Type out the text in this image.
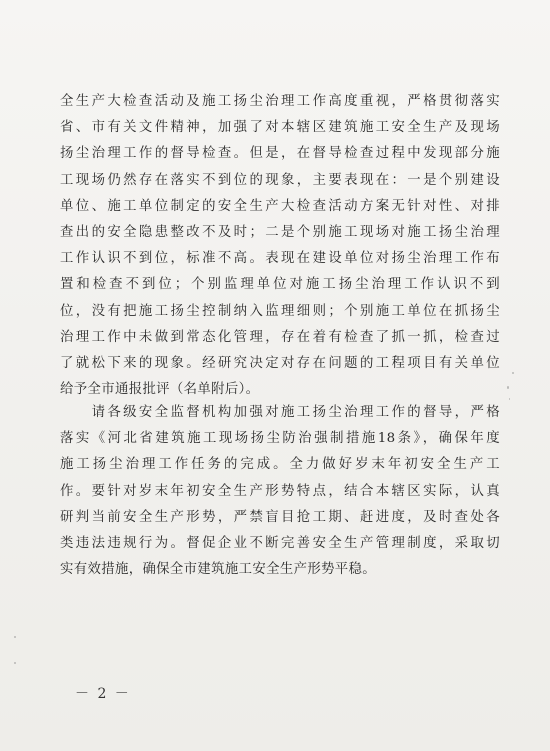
全生产大检查活动及施工扬尘治理工作高度重视，严格贯彻落实
省、市有关文件精神，加强了对本辖区建筑施工安全生产及现场
扬尘治理工作的督导检查。但是，在督导检查过程中发现部分施
工现场仍然存在落实不到位的现象，主要表现在：一是个别建设
单位、施工单位制定的安全生产大检查活动方案无针对性、对排
查出的安全隐患整改不及时；二是个别施工现场对施工扬尘治理
工作认识不到位，标准不高。表现在建设单位对扬尘治理工作布
置和检查不到位；个别监理单位对施工扬尘治理工作认识不到
位，没有把施工扬尘控制纳入监理细则；个别施工单位在抓扬尘
治理工作中未做到常态化管理，存在着有检查了抓一抓，检查过
了就松下来的现象。经研究决定对存在问题的工程项目有关单位
给予全市通报批评（名单附后）。
　　请各级安全监督机构加强对施工扬尘治理工作的督导，严格
落实《河北省建筑施工现场扬尘防治强制措施18条》，确保年度
施工扬尘治理工作任务的完成。全力做好岁末年初安全生产工
作。要针对岁末年初安全生产形势特点，结合本辖区实际，认真
研判当前安全生产形势，严禁盲目抢工期、赶进度，及时查处各
类违法违规行为。督促企业不断完善安全生产管理制度，采取切
实有效措施，确保全市建筑施工安全生产形势平稳。
－ 2 －
